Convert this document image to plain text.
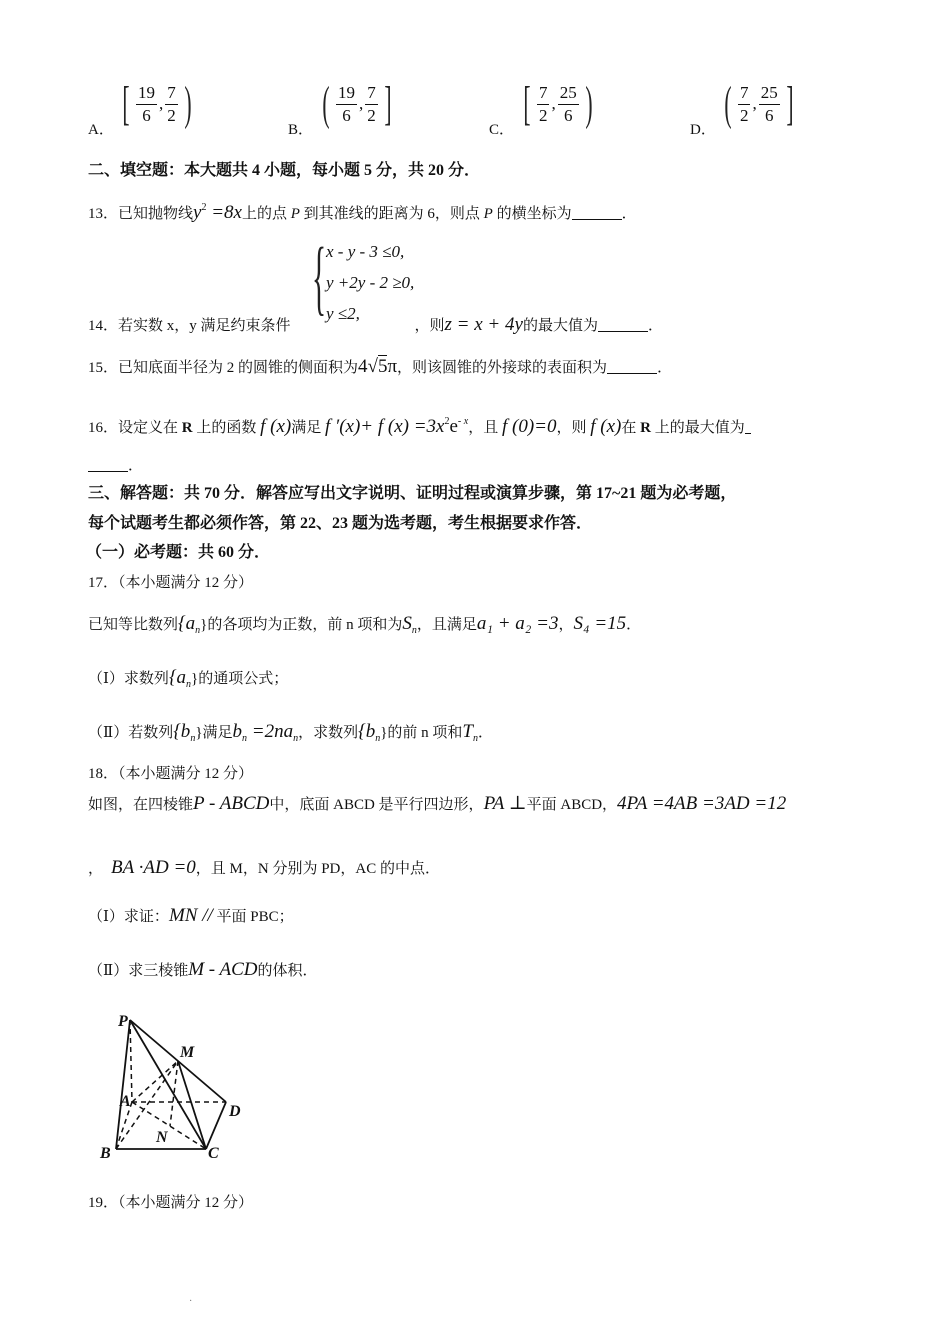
A． [ $\frac{19}{6}$ , $\frac{7}{2}$ )	B． ( $\frac{19}{6}$ , $\frac{7}{2}$ ]	C． [ $\frac{7}{2}$ , $\frac{25}{6}$ )	D． ( $\frac{7}{2}$ , $\frac{25}{6}$ ]
二、填空题：本大题共 4 小题，每小题 5 分，共 20 分．
13．已知抛物线$y^2 =8x$上的点 P 到其准线的距离为 6，则点 P 的横坐标为	．
{ x - y - 3 ≤0,
y +2y - 2 ≥0,
y ≤2,
14．若实数 x，y 满足约束条件	，则z = x + 4y的最大值为	．
15．已知底面半径为 2 的圆锥的侧面积为4√5π，则该圆锥的外接球的表面积为	．
16．设定义在 R 上的函数 f (x)满足 f ′(x)+ f $(x) =3x^2e^{- x}$，且 f (0)=0，则 f (x)在 R 上的最大值为
．
三、解答题：共 70 分．解答应写出文字说明、证明过程或演算步骤，第 17~21 题为必考题，
每个试题考生都必须作答，第 22、23 题为选考题，考生根据要求作答．
（一）必考题：共 60 分．
17．（本小题满分 12 分）
已知等比数列$\{a_n\}$的各项均为正数，前 n 项和为$S_n$，且满足a₁ + a₂ =3，S₄ =15．
（Ⅰ）求数列$\{a_n\}$的通项公式；
（Ⅱ）若数列$\{b_n\}$满足$b_n =2na_n$，求数列$\{b_n\}$的前 n 项和$T_n$．
18．（本小题满分 12 分）
如图，在四棱锥P - ABCD中，底面 ABCD 是平行四边形，PA ⊥平面 ABCD，4PA =4AB =3AD =12
， BA ·AD =0，且 M，N 分别为 PD，AC 的中点．
（Ⅰ）求证：MN // 平面 PBC；
（Ⅱ）求三棱锥M - ACD的体积．
P
M
A
D
N
B	C
19．（本小题满分 12 分）
·
